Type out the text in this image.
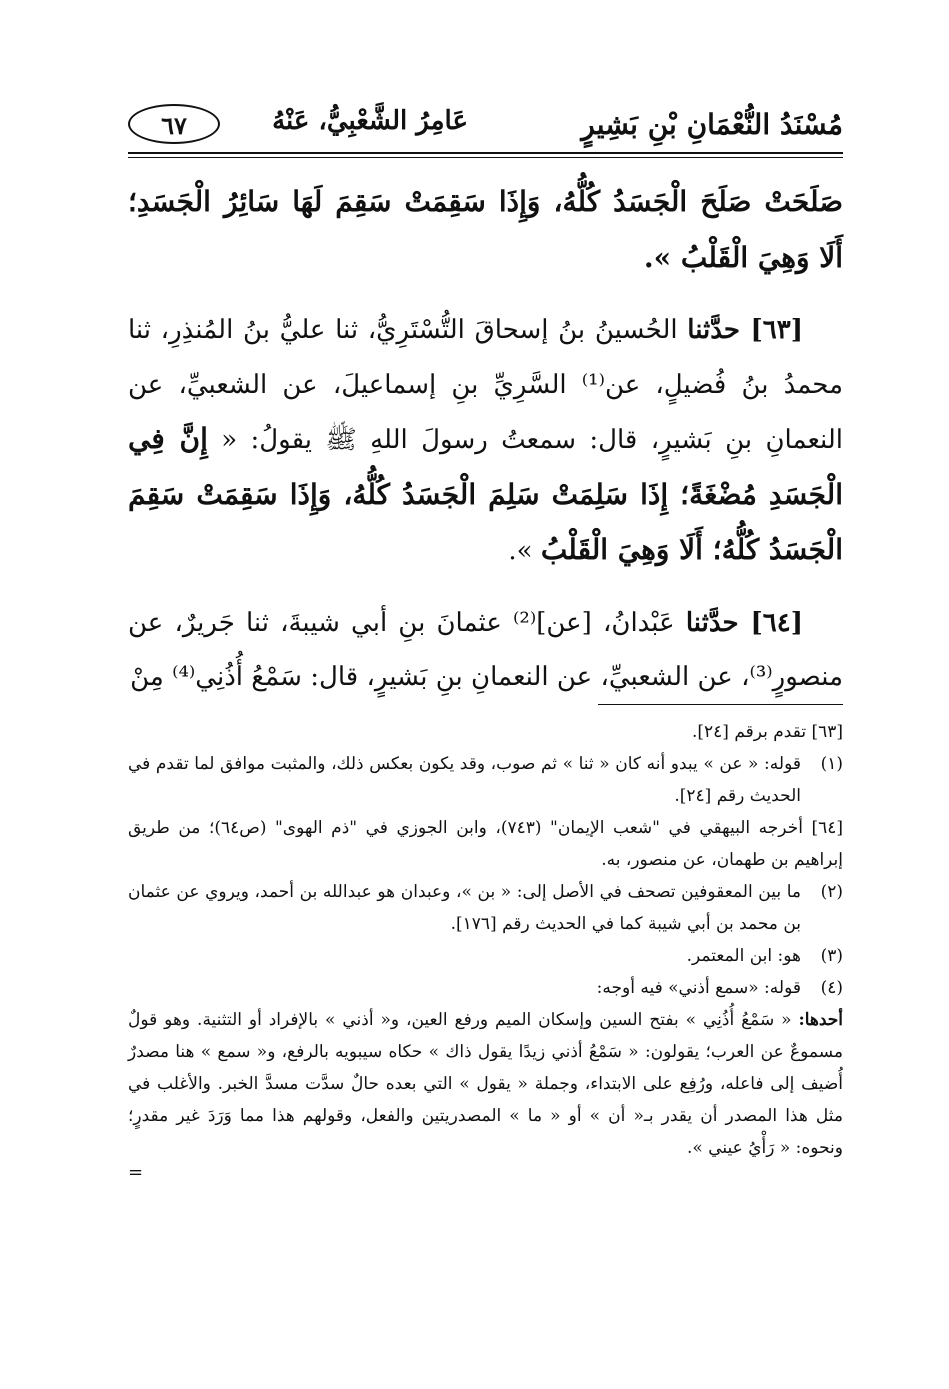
مُسْنَدُ النُّعْمَانِ بْنِ بَشِيرٍ
عَامِرُ الشَّعْبِيُّ، عَنْهُ
٦٧

صَلَحَتْ صَلَحَ الْجَسَدُ كُلُّهُ، وَإِذَا سَقِمَتْ سَقِمَ لَهَا سَائِرُ الْجَسَدِ؛ أَلَا وَهِيَ الْقَلْبُ ».

[٦٣] حدَّثنا الحُسينُ بنُ إسحاقَ التُّسْتَرِيُّ، ثنا عليُّ بنُ المُنذِرِ، ثنا محمدُ بنُ فُضيلٍ، عن⁽¹⁾ السَّرِيِّ بنِ إسماعيلَ، عن الشعبيِّ، عن النعمانِ بنِ بَشيرٍ، قال: سمعتُ رسولَ اللهِ ﷺ يقولُ: « إِنَّ فِي الْجَسَدِ مُضْغَةً؛ إِذَا سَلِمَتْ سَلِمَ الْجَسَدُ كُلُّهُ، وَإِذَا سَقِمَتْ سَقِمَ الْجَسَدُ كُلُّهُ؛ أَلَا وَهِيَ الْقَلْبُ ».

[٦٤] حدَّثنا عَبْدانُ، [عن]⁽²⁾ عثمانَ بنِ أبي شيبةَ، ثنا جَريرٌ، عن منصورٍ⁽³⁾، عن الشعبيِّ، عن النعمانِ بنِ بَشيرٍ، قال: سَمْعُ أُذُنِي⁽⁴⁾ مِنْ

[٦٣] تقدم برقم [٢٤].
(١)
قوله: « عن » يبدو أنه كان « ثنا » ثم صوب، وقد يكون بعكس ذلك، والمثبت موافق لما تقدم في الحديث رقم [٢٤].
[٦٤] أخرجه البيهقي في "شعب الإيمان" (٧٤٣)، وابن الجوزي في "ذم الهوى" (ص٦٤)؛ من طريق إبراهيم بن طهمان، عن منصور، به.
(٢)
ما بين المعقوفين تصحف في الأصل إلى: « بن »، وعبدان هو عبدالله بن أحمد، ويروي عن عثمان بن محمد بن أبي شيبة كما في الحديث رقم [١٧٦].
(٣)
هو: ابن المعتمر.
(٤)
قوله: «سمع أذني» فيه أوجه:
أحدها: « سَمْعُ أُذُنِي » بفتح السين وإسكان الميم ورفع العين، و« أذني » بالإفراد أو التثنية. وهو قولٌ مسموعٌ عن العرب؛ يقولون: « سَمْعُ أذني زيدًا يقول ذاك » حكاه سيبويه بالرفع، و« سمع » هنا مصدرٌ أُضيف إلى فاعله، ورُفِع على الابتداء، وجملة « يقول » التي بعده حالٌ سدَّت مسدَّ الخبر. والأغلب في مثل هذا المصدر أن يقدر بـ« أن » أو « ما » المصدريتين والفعل، وقولهم هذا مما وَرَدَ غير مقدرٍ؛ ونحوه: « رَأْيُ عيني ».
=
